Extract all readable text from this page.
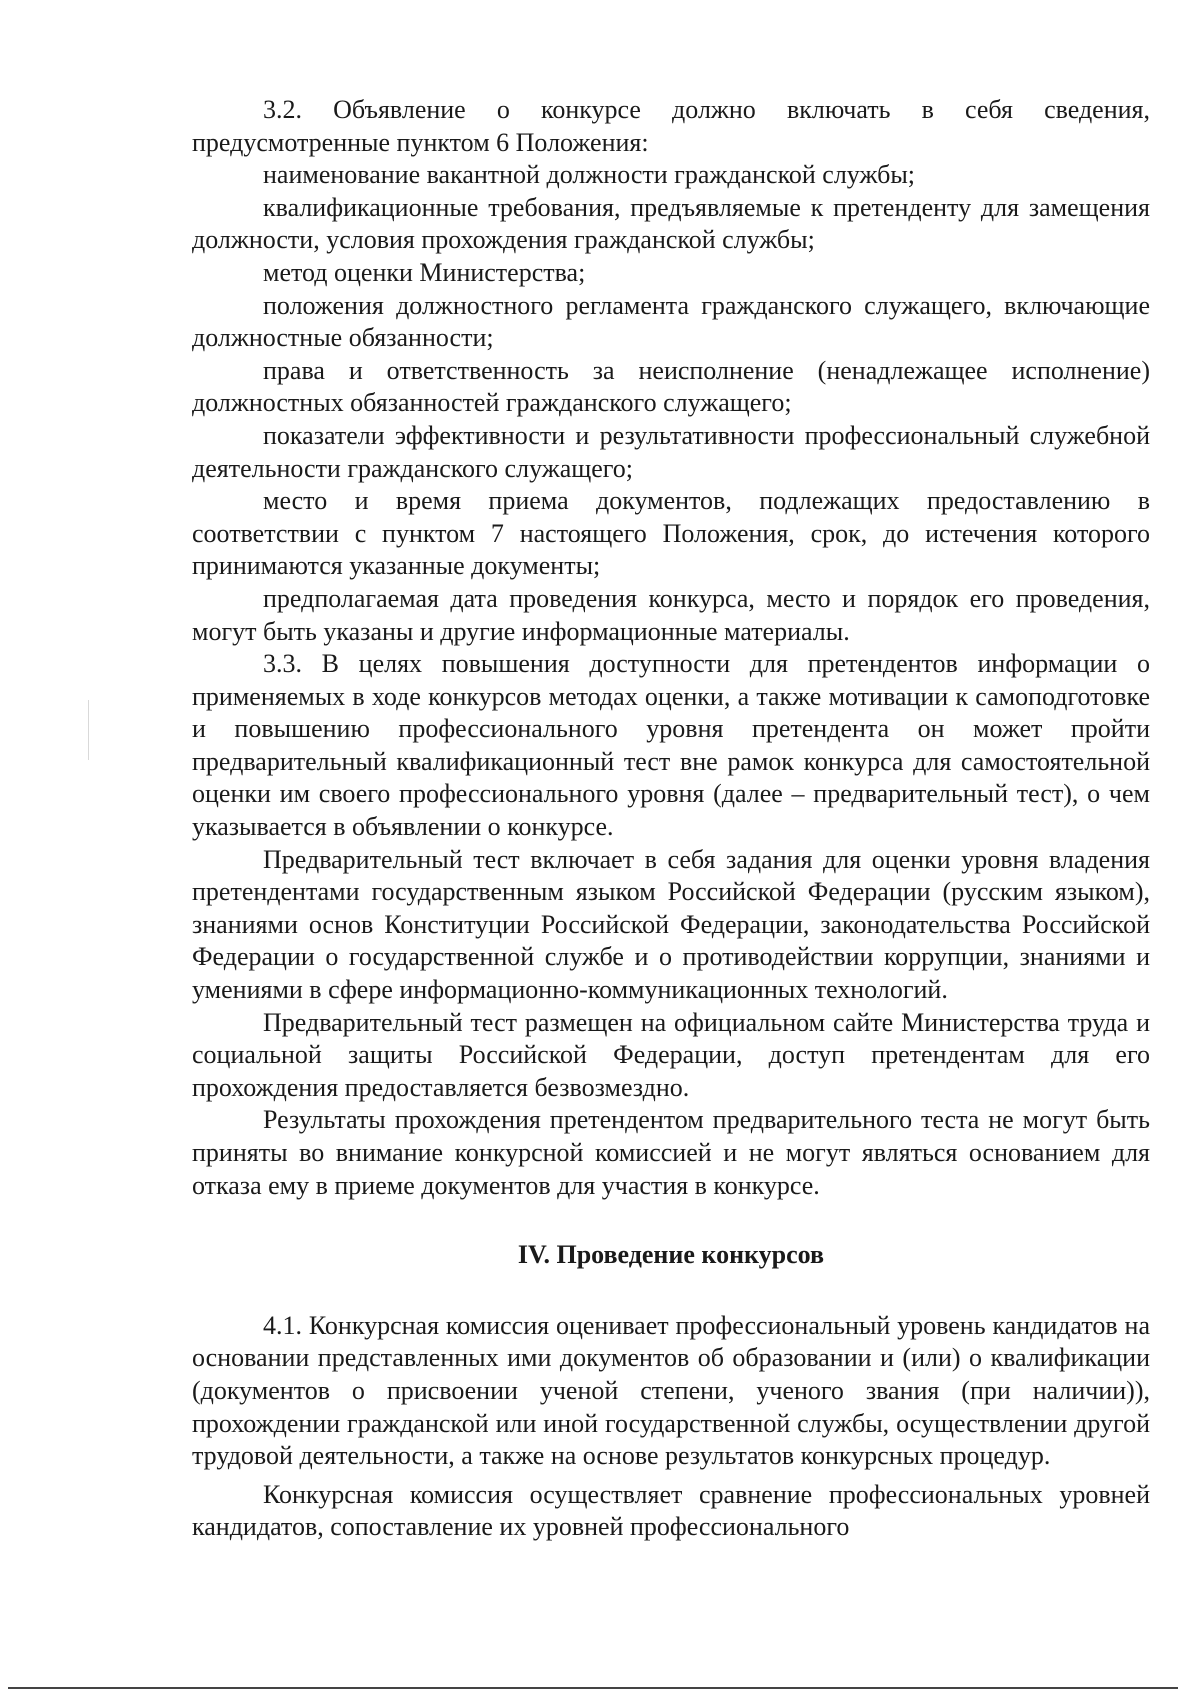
3.2. Объявление о конкурсе должно включать в себя сведения, предусмотренные пунктом 6 Положения:

наименование вакантной должности гражданской службы;

квалификационные требования, предъявляемые к претенденту для замещения должности, условия прохождения гражданской службы;

метод оценки Министерства;

положения должностного регламента гражданского служащего, включающие должностные обязанности;

права и ответственность за неисполнение (ненадлежащее исполнение) должностных обязанностей гражданского служащего;

показатели эффективности и результативности профессиональный служебной деятельности гражданского служащего;

место и время приема документов, подлежащих предоставлению в соответствии с пунктом 7 настоящего Положения, срок, до истечения которого принимаются указанные документы;

предполагаемая дата проведения конкурса, место и порядок его проведения, могут быть указаны и другие информационные материалы.

3.3. В целях повышения доступности для претендентов информации о применяемых в ходе конкурсов методах оценки, а также мотивации к самоподготовке и повышению профессионального уровня претендента он может пройти предварительный квалификационный тест вне рамок конкурса для самостоятельной оценки им своего профессионального уровня (далее – предварительный тест), о чем указывается в объявлении о конкурсе.

Предварительный тест включает в себя задания для оценки уровня владения претендентами государственным языком Российской Федерации (русским языком), знаниями основ Конституции Российской Федерации, законодательства Российской Федерации о государственной службе и о противодействии коррупции, знаниями и умениями в сфере информационно-коммуникационных технологий.

Предварительный тест размещен на официальном сайте Министерства труда и социальной защиты Российской Федерации, доступ претендентам для его прохождения предоставляется безвозмездно.

Результаты прохождения претендентом предварительного теста не могут быть приняты во внимание конкурсной комиссией и не могут являться основанием для отказа ему в приеме документов для участия в конкурсе.

IV. Проведение конкурсов

4.1. Конкурсная комиссия оценивает профессиональный уровень кандидатов на основании представленных ими документов об образовании и (или) о квалификации (документов о присвоении ученой степени, ученого звания (при наличии)), прохождении гражданской или иной государственной службы, осуществлении другой трудовой деятельности, а также на основе результатов конкурсных процедур.

Конкурсная комиссия осуществляет сравнение профессиональных уровней кандидатов, сопоставление их уровней профессионального
